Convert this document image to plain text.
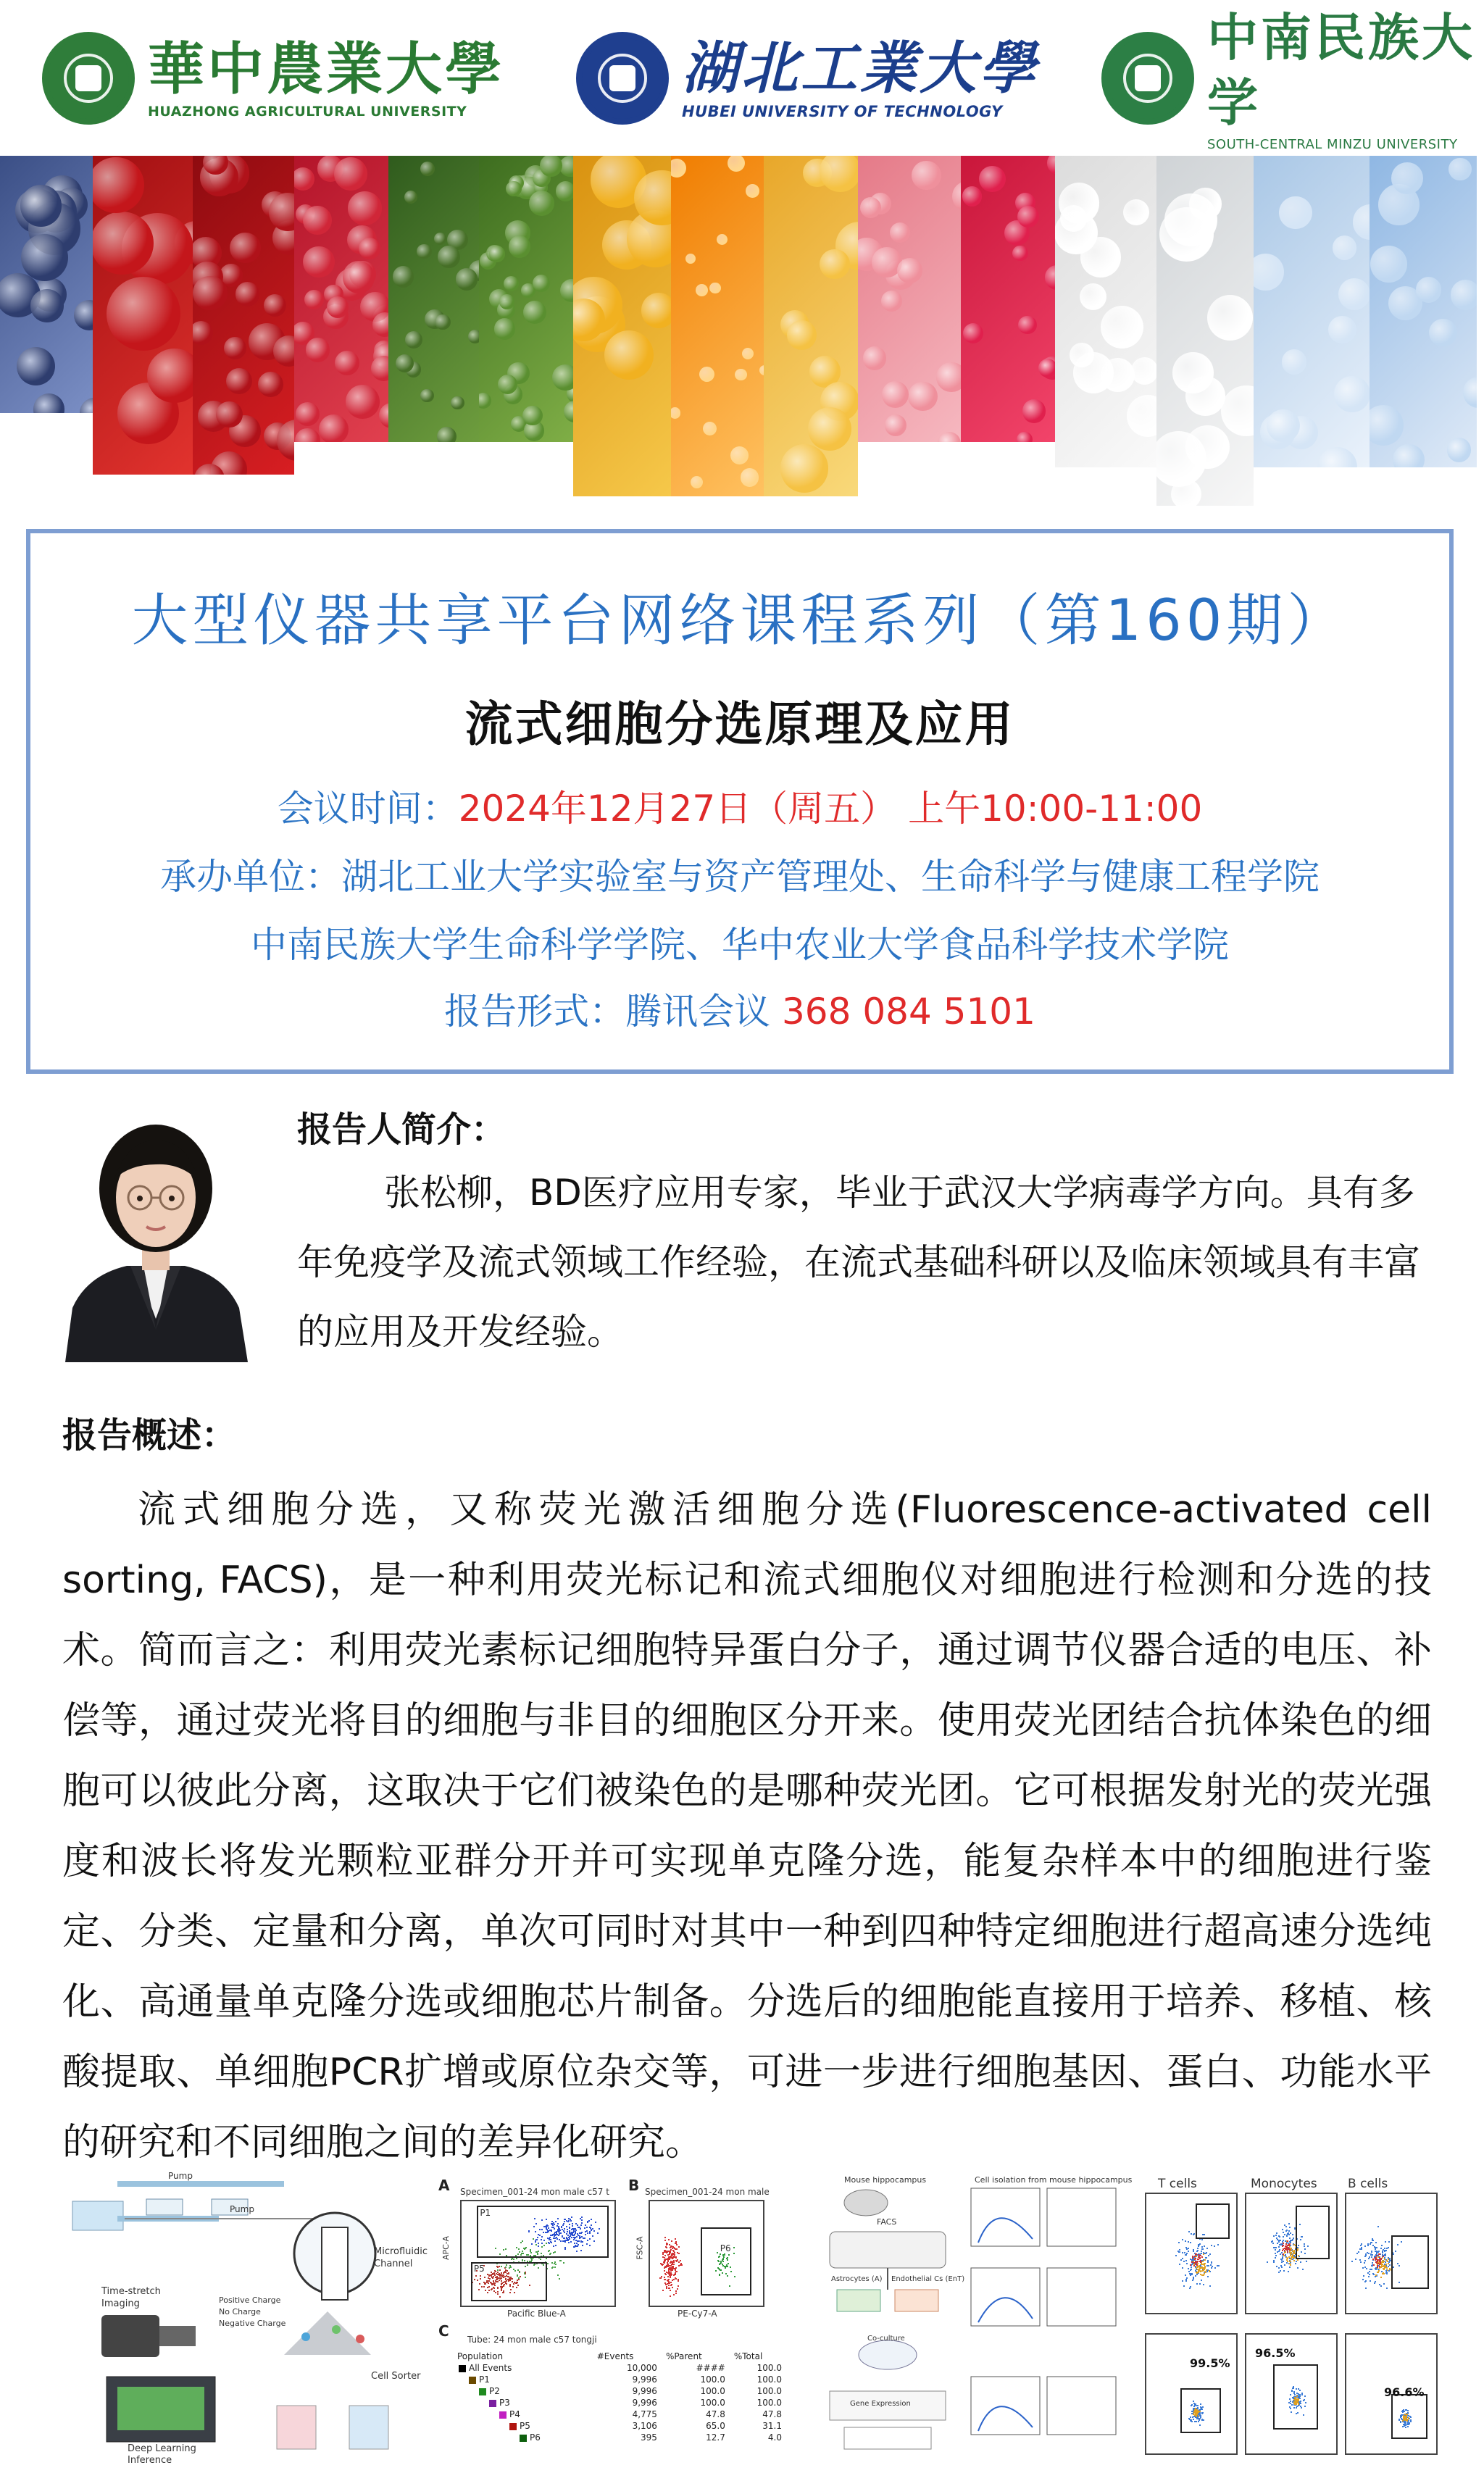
華中農業大學
HUAZHONG AGRICULTURAL UNIVERSITY
湖北工業大學
HUBEI UNIVERSITY OF TECHNOLOGY
中南民族大学
SOUTH-CENTRAL MINZU UNIVERSITY
大型仪器共享平台网络课程系列（第160期）
流式细胞分选原理及应用
会议时间：2024年12月27日（周五） 上午10:00-11:00
承办单位：湖北工业大学实验室与资产管理处、生命科学与健康工程学院
中南民族大学生命科学学院、华中农业大学食品科学技术学院
报告形式：腾讯会议 368 084 5101
报告人简介：

张松柳，BD医疗应用专家，毕业于武汉大学病毒学方向。具有多年免疫学及流式领域工作经验，在流式基础科研以及临床领域具有丰富的应用及开发经验。

报告概述：

流式细胞分选，又称荧光激活细胞分选(Fluorescence-activated cell sorting, FACS)，是一种利用荧光标记和流式细胞仪对细胞进行检测和分选的技术。简而言之：利用荧光素标记细胞特异蛋白分子，通过调节仪器合适的电压、补偿等，通过荧光将目的细胞与非目的细胞区分开来。使用荧光团结合抗体染色的细胞可以彼此分离，这取决于它们被染色的是哪种荧光团。它可根据发射光的荧光强度和波长将发光颗粒亚群分开并可实现单克隆分选，能复杂样本中的细胞进行鉴定、分类、定量和分离，单次可同时对其中一种到四种特定细胞进行超高速分选纯化、高通量单克隆分选或细胞芯片制备。分选后的细胞能直接用于培养、移植、核酸提取、单细胞PCR扩增或原位杂交等，可进一步进行细胞基因、蛋白、功能水平的研究和不同细胞之间的差异化研究。

Pump
Pump
Time-stretch
Imaging
Microfluidic
Channel
Positive Charge
No Charge
Negative Charge
Cell Sorter
Deep Learning
Inference
A	B
Specimen_001-24 mon male c57 t	Specimen_001-24 mon male
P1
P5
P6
Pacific Blue-A	PE-Cy7-A
APC-A	FSC-A
C Tube: 24 mon male c57 tongji
Population	#Events	%Parent	%Total
All Events	10,000	####	100.0
P1	9,996	100.0	100.0
P2	9,996	100.0	100.0
P3	9,996	100.0	100.0
P4	4,775	47.8	47.8
P5	3,106	65.0	31.1
P6	395	12.7	4.0
Mouse hippocampus	Cell isolation from mouse hippocampus
FACS
Astrocytes (A) Endothelial Cs (EnT)
Co-culture
Gene Expression
T cells	Monocytes B cells
99.5%
96.5%
96.6%
